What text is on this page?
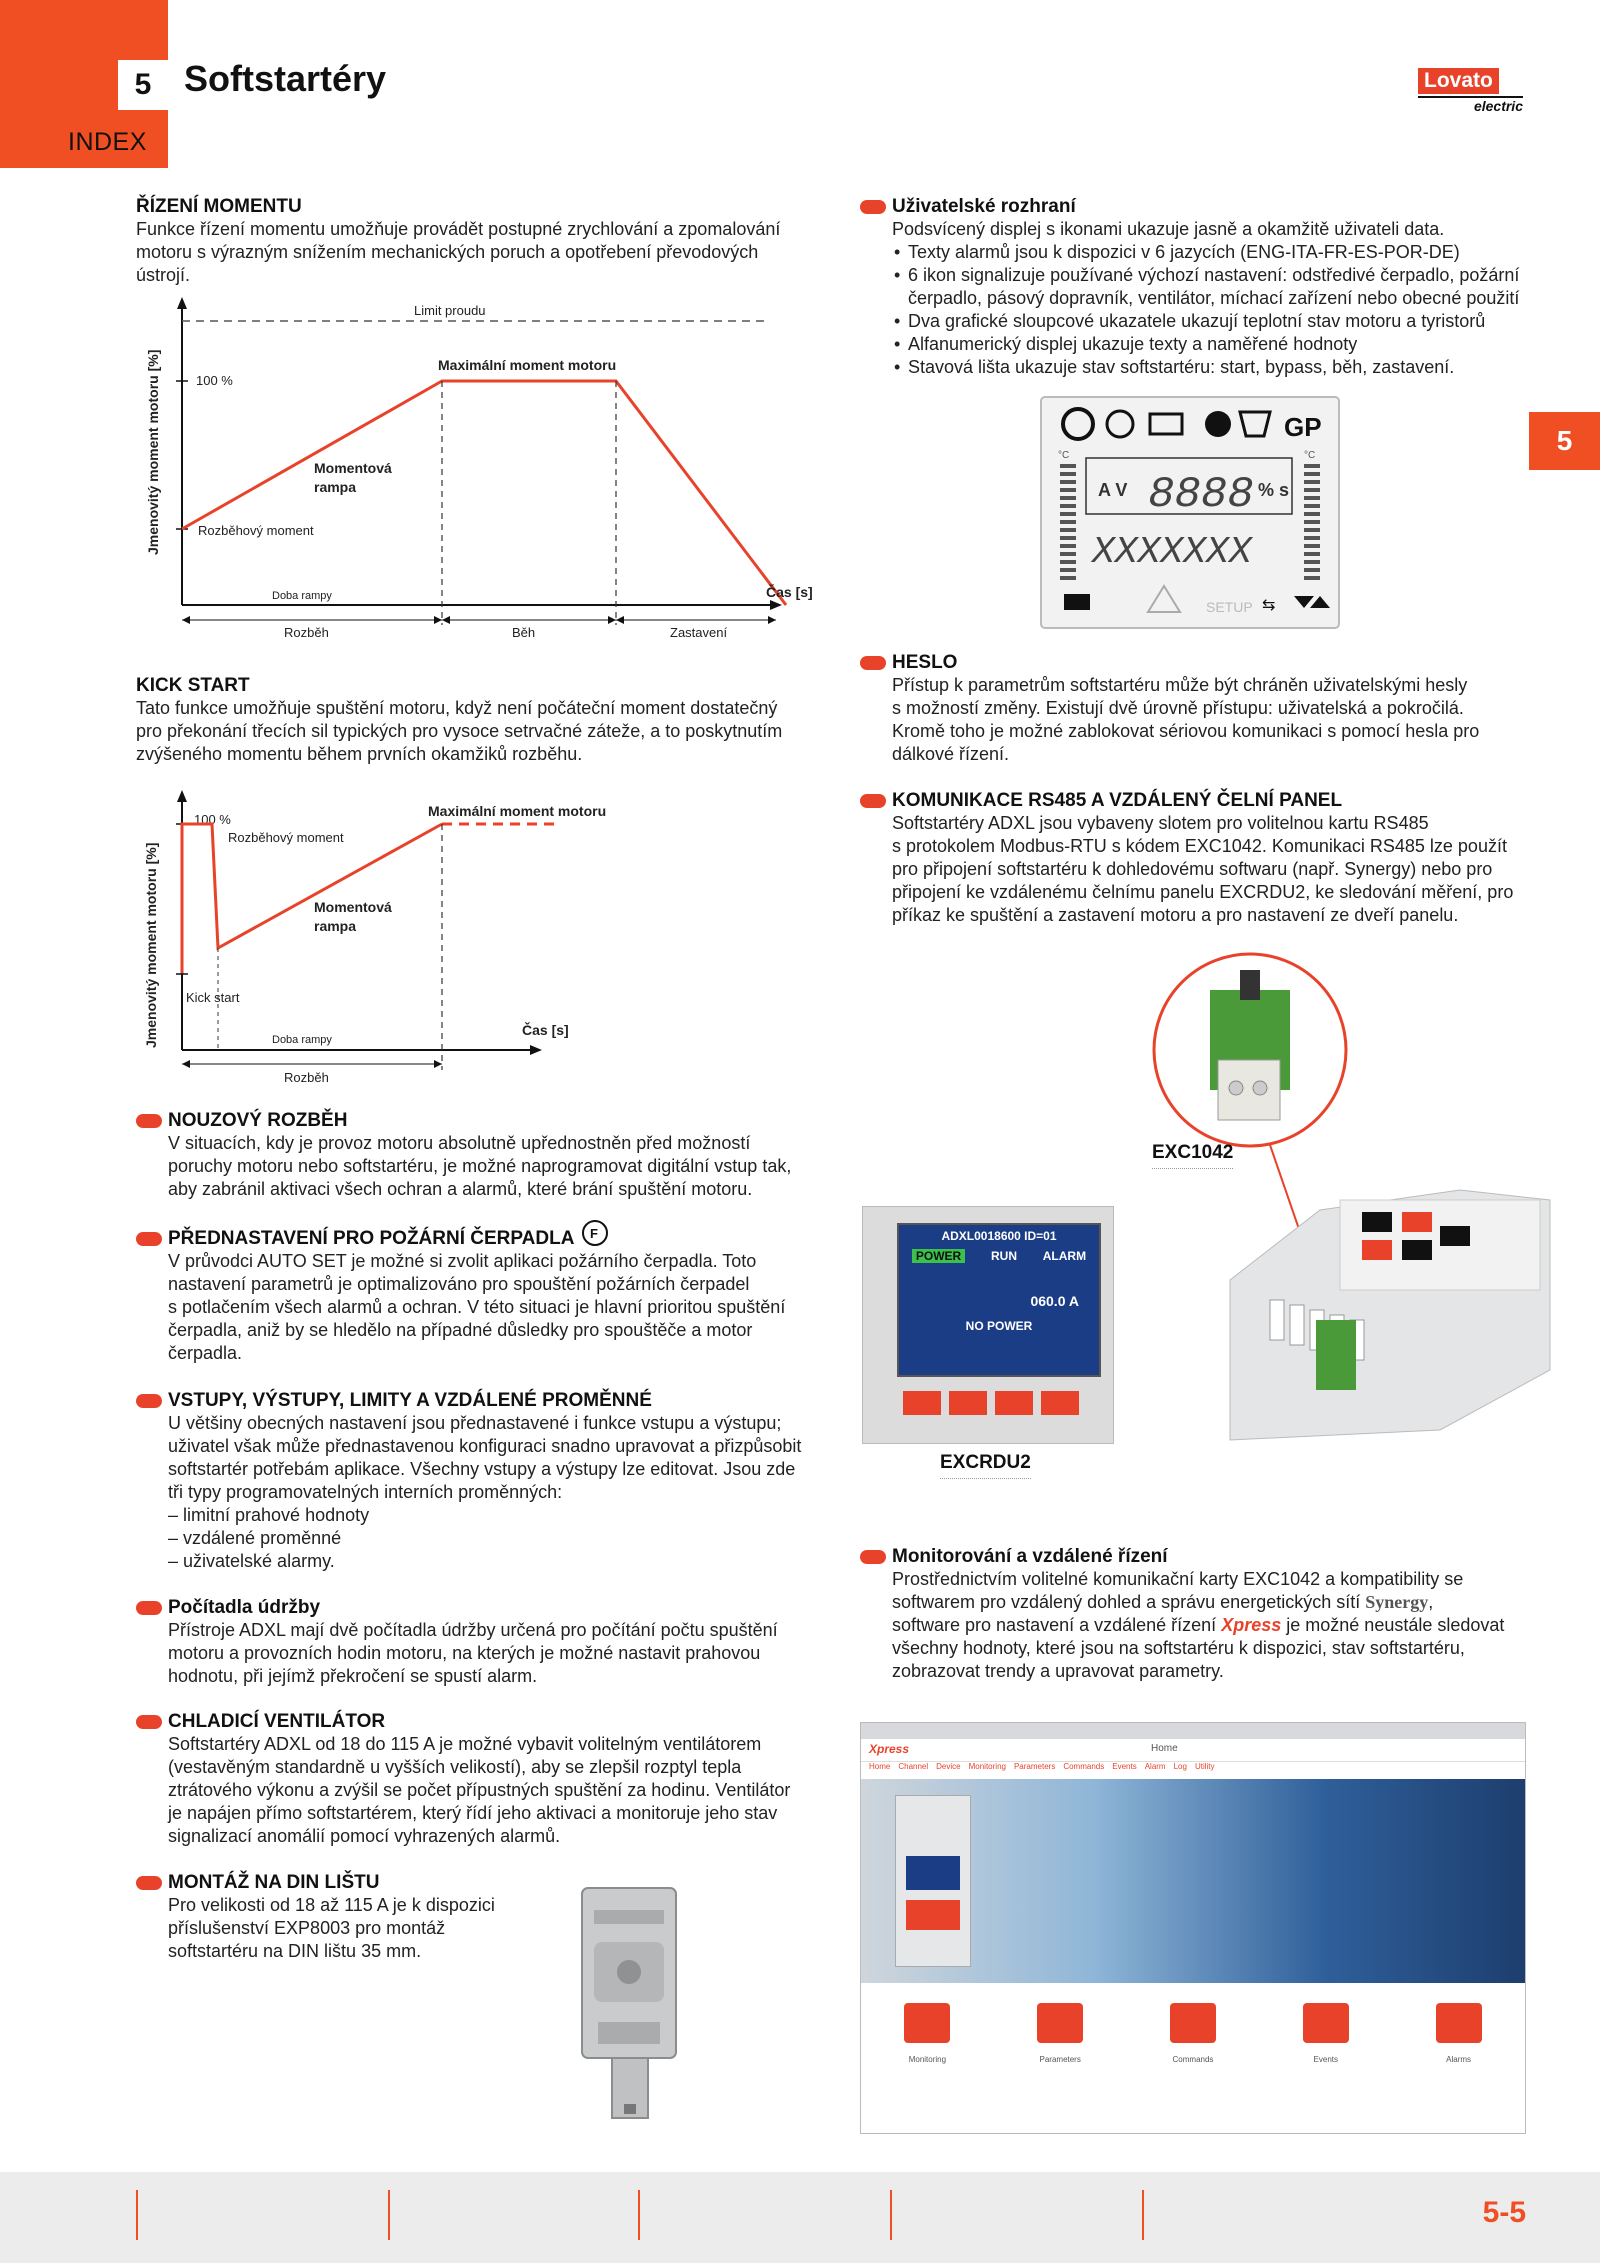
5
INDEX
Softstartéry	Lovato
electric
5
ŘÍZENÍ MOMENTU
Funkce řízení momentu umožňuje provádět postupné zrychlování a zpomalování
motoru s výrazným snížením mechanických poruch a opotřebení převodových
ústrojí.
Jmenovitý moment motoru [%]
Limit proudu
Maximální moment motoru
100 %
Momentová
rampa
Rozběhový moment
Doba rampy	Čas [s]
Rozběh	Běh	Zastavení
KICK START
Tato funkce umožňuje spuštění motoru, když není počáteční moment dostatečný
pro překonání třecích sil typických pro vysoce setrvačné záteže, a to poskytnutím
zvýšeného momentu během prvních okamžiků rozběhu.
Jmenovitý moment motoru [%]
100 %
Maximální moment motoru
Rozběhový moment
Momentová
rampa
Kick start
Doba rampy
Čas [s]
Rozběh
NOUZOVÝ ROZBĚH
V situacích, kdy je provoz motoru absolutně upřednostněn před možností
poruchy motoru nebo softstartéru, je možné naprogramovat digitální vstup tak,
aby zabránil aktivaci všech ochran a alarmů, které brání spuštění motoru.
PŘEDNASTAVENÍ PRO POŽÁRNÍ ČERPADLA F
V průvodci AUTO SET je možné si zvolit aplikaci požárního čerpadla. Toto
nastavení parametrů je optimalizováno pro spouštění požárních čerpadel
s potlačením všech alarmů a ochran. V této situaci je hlavní prioritou spuštění
čerpadla, aniž by se hledělo na případné důsledky pro spouštěče a motor
čerpadla.
VSTUPY, VÝSTUPY, LIMITY A VZDÁLENÉ PROMĚNNÉ
U většiny obecných nastavení jsou přednastavené i funkce vstupu a výstupu;
uživatel však může přednastavenou konfiguraci snadno upravovat a přizpůsobit
softstartér potřebám aplikace. Všechny vstupy a výstupy lze editovat. Jsou zde
tři typy programovatelných interních proměnných:
– limitní prahové hodnoty
– vzdálené proměnné
– uživatelské alarmy.
Počítadla údržby
Přístroje ADXL mají dvě počítadla údržby určená pro počítání počtu spuštění
motoru a provozních hodin motoru, na kterých je možné nastavit prahovou
hodnotu, při jejímž překročení se spustí alarm.
CHLADICÍ VENTILÁTOR
Softstartéry ADXL od 18 do 115 A je možné vybavit volitelným ventilátorem
(vestavěným standardně u vyšších velikostí), aby se zlepšil rozptyl tepla
ztrátového výkonu a zvýšil se počet přípustných spuštění za hodinu. Ventilátor
je napájen přímo softstartérem, který řídí jeho aktivaci a monitoruje jeho stav
signalizací anomálií pomocí vyhrazených alarmů.
MONTÁŽ NA DIN LIŠTU
Pro velikosti od 18 až 115 A je k dispozici
příslušenství EXP8003 pro montáž
softstartéru na DIN lištu 35 mm.
Uživatelské rozhraní
Podsvícený displej s ikonami ukazuje jasně a okamžitě uživateli data.
• Texty alarmů jsou k dispozici v 6 jazycích (ENG-ITA-FR-ES-POR-DE)
• 6 ikon signalizuje používané výchozí nastavení: odstředivé čerpadlo, požární čerpadlo, pásový dopravník, ventilátor, míchací zařízení nebo obecné použití
• Dva grafické sloupcové ukazatele ukazují teplotní stav motoru a tyristorů
• Alfanumerický displej ukazuje texty a naměřené hodnoty
• Stavová lišta ukazuje stav softstartéru: start, bypass, běh, zastavení.
GP
°C	°C
A V 8888 % s
XXXXXXX
SETUP ⇆
HESLO
Přístup k parametrům softstartéru může být chráněn uživatelskými hesly
s možností změny. Existují dvě úrovně přístupu: uživatelská a pokročilá.
Kromě toho je možné zablokovat sériovou komunikaci s pomocí hesla pro
dálkové řízení.
KOMUNIKACE RS485 A VZDÁLENÝ ČELNÍ PANEL
Softstartéry ADXL jsou vybaveny slotem pro volitelnou kartu RS485
s protokolem Modbus-RTU s kódem EXC1042. Komunikaci RS485 lze použít
pro připojení softstartéru k dohledovému softwaru (např. Synergy) nebo pro
připojení ke vzdálenému čelnímu panelu EXCRDU2, ke sledování měření, pro
příkaz ke spuštění a zastavení motoru a pro nastavení ze dveří panelu.
EXC1042
ADXL0018600 ID=01
POWER	RUN ALARM
060.0 A
NO POWER
EXCRDU2
Monitorování a vzdálené řízení
Prostřednictvím volitelné komunikační karty EXC1042 a kompatibility se
softwarem pro vzdálený dohled a správu energetických sítí Synergy,
software pro nastavení a vzdálené řízení Xpress je možné neustále sledovat
všechny hodnoty, které jsou na softstartéru k dispozici, stav softstartéru,
zobrazovat trendy a upravovat parametry.
Xpress	Home
Home Channel Device Monitoring Parameters Commands Events Alarm Log Utility
Monitoring	Parameters	Commands	Events	Alarms
5-5
